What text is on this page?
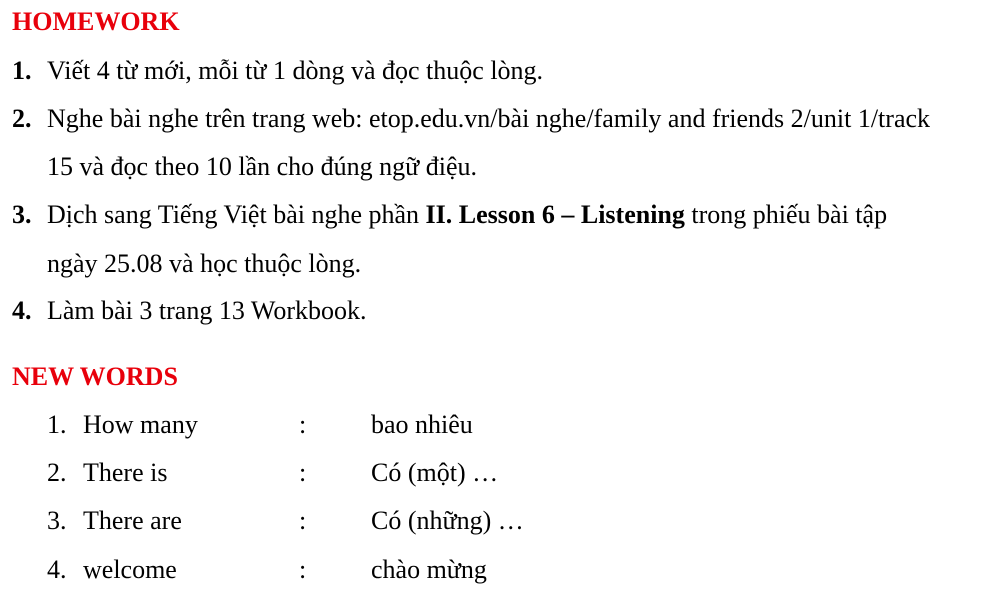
HOMEWORK
1. Viết 4 từ mới, mỗi từ 1 dòng và đọc thuộc lòng.
2. Nghe bài nghe trên trang web: etop.edu.vn/bài nghe/family and friends 2/unit 1/track
15 và đọc theo 10 lần cho đúng ngữ điệu.
3. Dịch sang Tiếng Việt bài nghe phần II. Lesson 6 – Listening trong phiếu bài tập
ngày 25.08 và học thuộc lòng.
4. Làm bài 3 trang 13 Workbook.
NEW WORDS
1. How many	: bao nhiêu
2. There is	: Có (một) …
3. There are	: Có (những) …
4. welcome	: chào mừng
